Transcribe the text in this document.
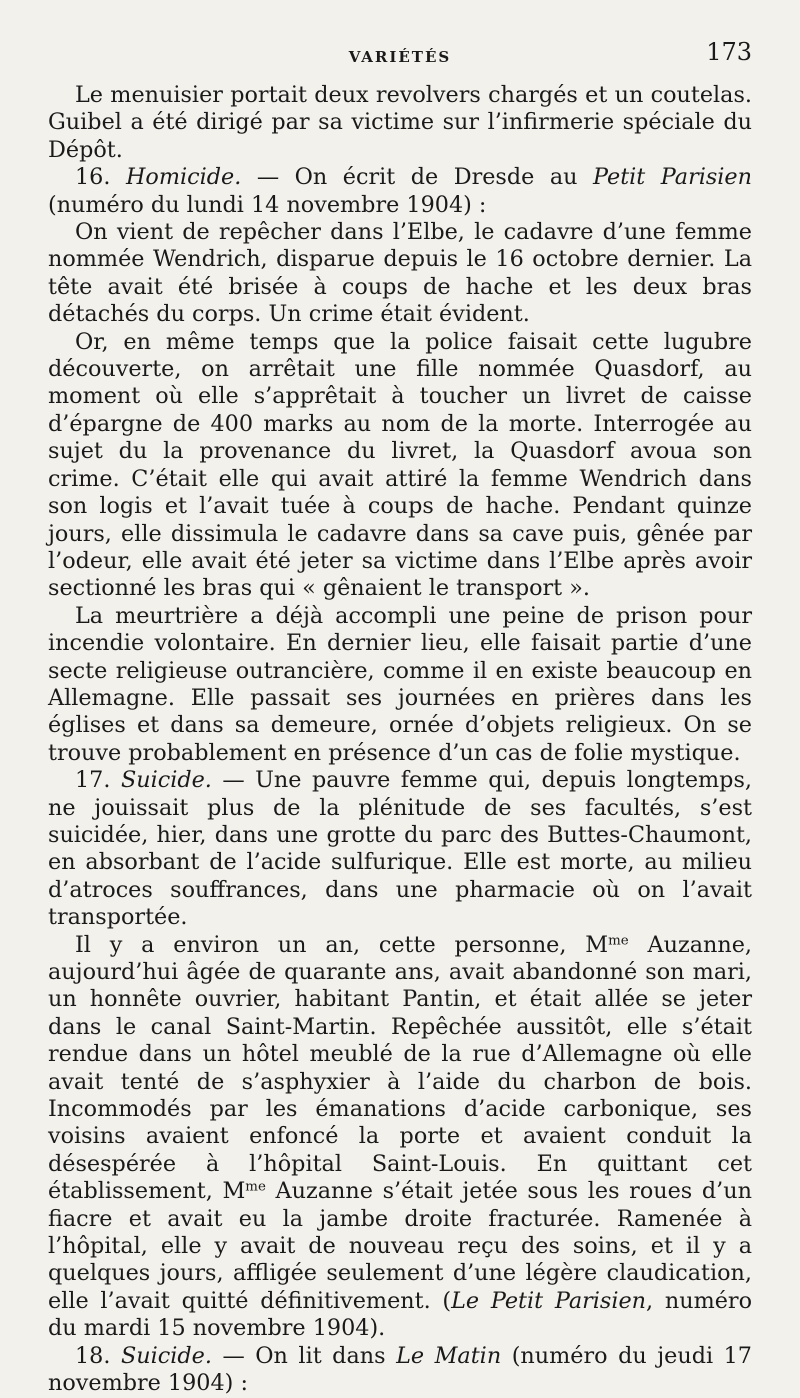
VARIÉTÉS	173

Le menuisier portait deux revolvers chargés et un coutelas. Guibel a été dirigé par sa victime sur l’infirmerie spéciale du Dépôt.

16. Homicide. — On écrit de Dresde au Petit Parisien (numéro du lundi 14 novembre 1904) :

On vient de repêcher dans l’Elbe, le cadavre d’une femme nommée Wendrich, disparue depuis le 16 octobre dernier. La tête avait été brisée à coups de hache et les deux bras détachés du corps. Un crime était évident.

Or, en même temps que la police faisait cette lugubre découverte, on arrêtait une fille nommée Quasdorf, au moment où elle s’apprêtait à toucher un livret de caisse d’épargne de 400 marks au nom de la morte. Interrogée au sujet du la provenance du livret, la Quasdorf avoua son crime. C’était elle qui avait attiré la femme Wendrich dans son logis et l’avait tuée à coups de hache. Pendant quinze jours, elle dissimula le cadavre dans sa cave puis, gênée par l’odeur, elle avait été jeter sa victime dans l’Elbe après avoir sectionné les bras qui « gênaient le transport ».

La meurtrière a déjà accompli une peine de prison pour incendie volontaire. En dernier lieu, elle faisait partie d’une secte religieuse outrancière, comme il en existe beaucoup en Allemagne. Elle passait ses journées en prières dans les églises et dans sa demeure, ornée d’objets religieux. On se trouve probablement en présence d’un cas de folie mystique.

17. Suicide. — Une pauvre femme qui, depuis longtemps, ne jouissait plus de la plénitude de ses facultés, s’est suicidée, hier, dans une grotte du parc des Buttes-Chaumont, en absorbant de l’acide sulfurique. Elle est morte, au milieu d’atroces souffrances, dans une pharmacie où on l’avait transportée.

Il y a environ un an, cette personne, $M^{me}$ Auzanne, aujourd’hui âgée de quarante ans, avait abandonné son mari, un honnête ouvrier, habitant Pantin, et était allée se jeter dans le canal Saint-Martin. Repêchée aussitôt, elle s’était rendue dans un hôtel meublé de la rue d’Allemagne où elle avait tenté de s’asphyxier à l’aide du charbon de bois. Incommodés par les émanations d’acide carbonique, ses voisins avaient enfoncé la porte et avaient conduit la désespérée à l’hôpital Saint-Louis. En quittant cet établissement, $M^{me}$ Auzanne s’était jetée sous les roues d’un fiacre et avait eu la jambe droite fracturée. Ramenée à l’hôpital, elle y avait de nouveau reçu des soins, et il y a quelques jours, affligée seulement d’une légère claudication, elle l’avait quitté définitivement. (Le Petit Parisien, numéro du mardi 15 novembre 1904).

18. Suicide. — On lit dans Le Matin (numéro du jeudi 17 novembre 1904) :
